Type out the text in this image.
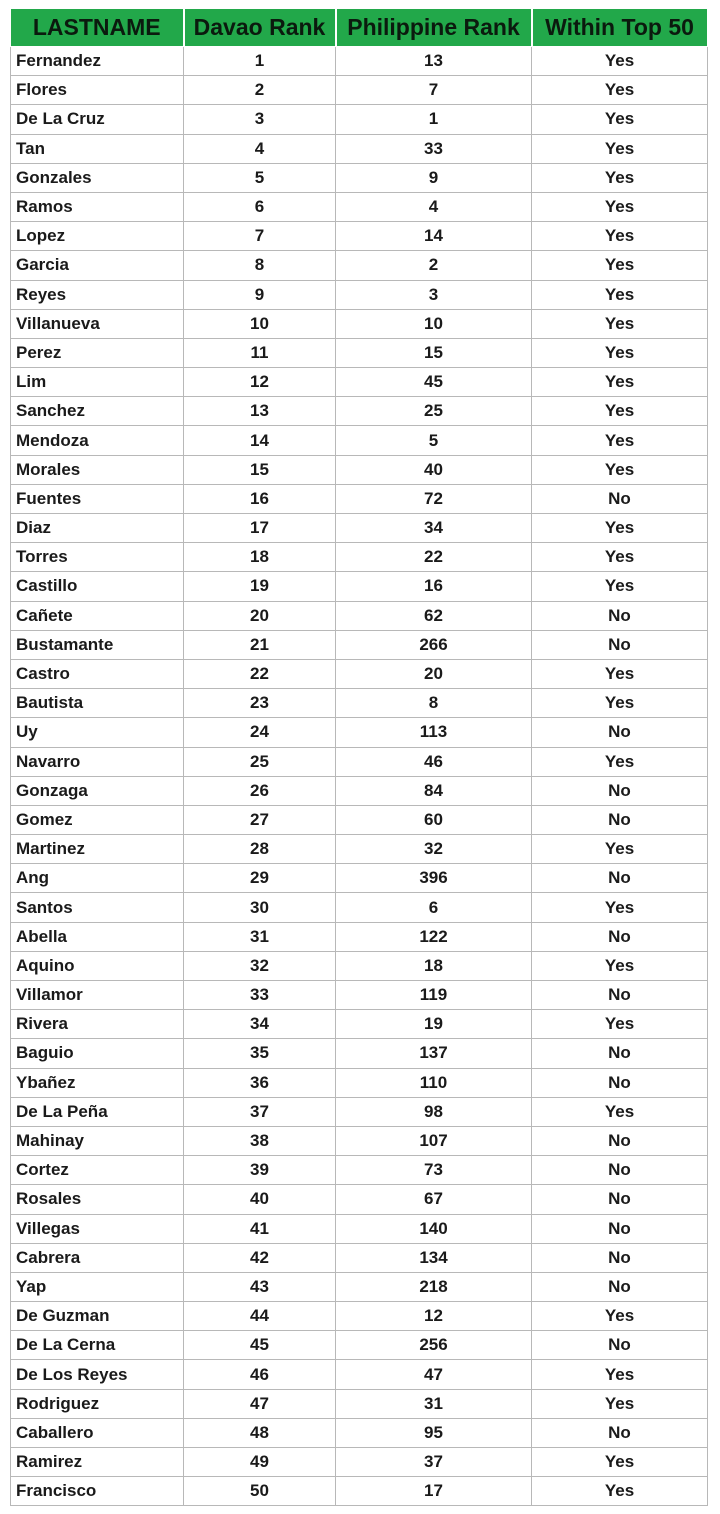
LASTNAME	Davao Rank	Philippine Rank	Within Top 50
Fernandez	1	13	Yes
Flores	2	7	Yes
De La Cruz	3	1	Yes
Tan	4	33	Yes
Gonzales	5	9	Yes
Ramos	6	4	Yes
Lopez	7	14	Yes
Garcia	8	2	Yes
Reyes	9	3	Yes
Villanueva	10	10	Yes
Perez	11	15	Yes
Lim	12	45	Yes
Sanchez	13	25	Yes
Mendoza	14	5	Yes
Morales	15	40	Yes
Fuentes	16	72	No
Diaz	17	34	Yes
Torres	18	22	Yes
Castillo	19	16	Yes
Cañete	20	62	No
Bustamante	21	266	No
Castro	22	20	Yes
Bautista	23	8	Yes
Uy	24	113	No
Navarro	25	46	Yes
Gonzaga	26	84	No
Gomez	27	60	No
Martinez	28	32	Yes
Ang	29	396	No
Santos	30	6	Yes
Abella	31	122	No
Aquino	32	18	Yes
Villamor	33	119	No
Rivera	34	19	Yes
Baguio	35	137	No
Ybañez	36	110	No
De La Peña	37	98	Yes
Mahinay	38	107	No
Cortez	39	73	No
Rosales	40	67	No
Villegas	41	140	No
Cabrera	42	134	No
Yap	43	218	No
De Guzman	44	12	Yes
De La Cerna	45	256	No
De Los Reyes	46	47	Yes
Rodriguez	47	31	Yes
Caballero	48	95	No
Ramirez	49	37	Yes
Francisco	50	17	Yes
